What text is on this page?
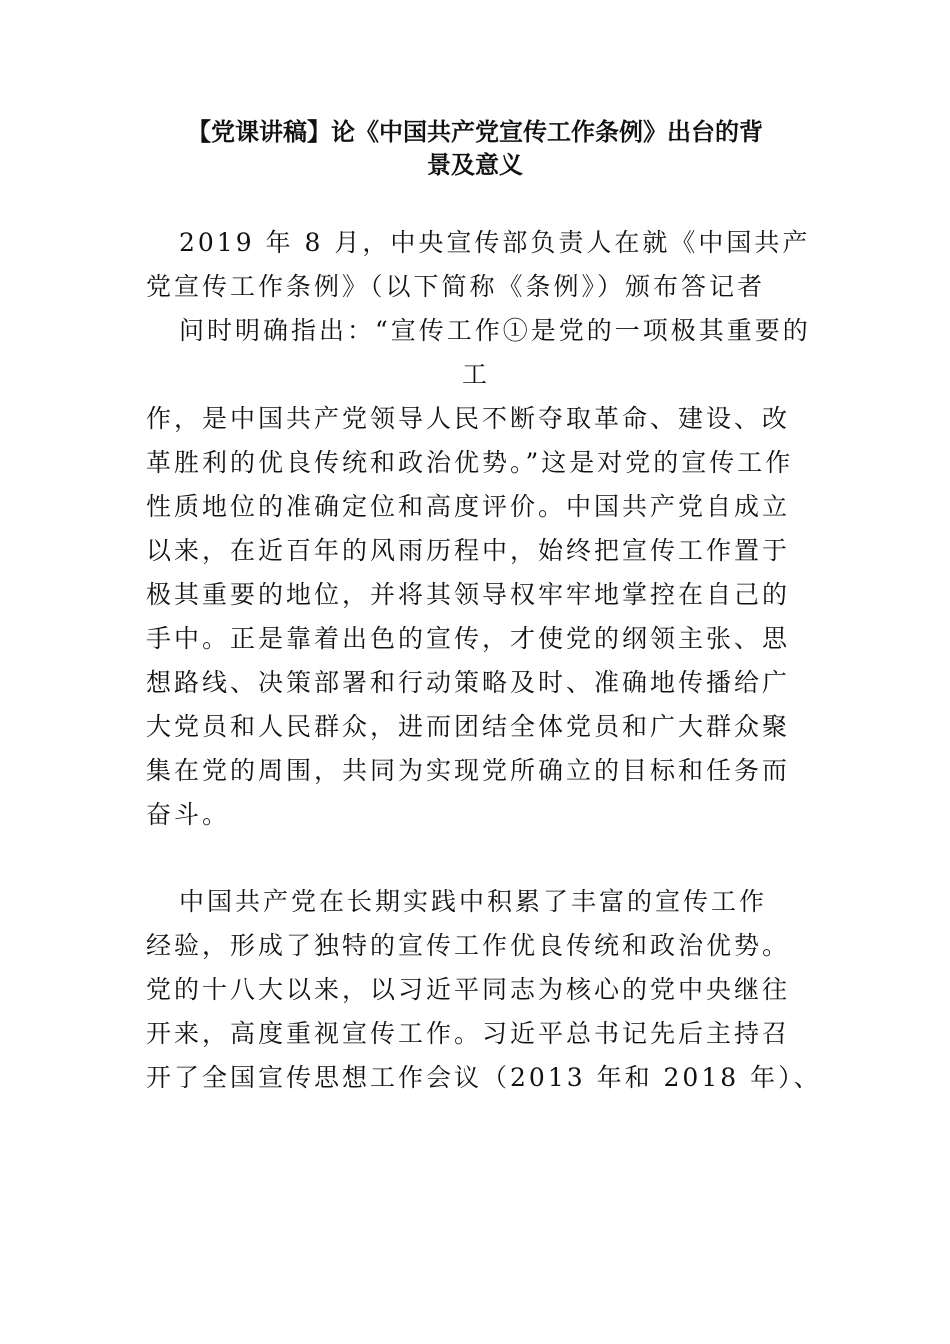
【党课讲稿】论《中国共产党宣传工作条例》出台的背
景及意义
2019 年 8 月，中央宣传部负责人在就《中国共产
党宣传工作条例》（以下简称《条例》）颁布答记者
问时明确指出：“宣传工作①是党的一项极其重要的
工
作，是中国共产党领导人民不断夺取革命、建设、改
革胜利的优良传统和政治优势。”这是对党的宣传工作
性质地位的准确定位和高度评价。中国共产党自成立
以来，在近百年的风雨历程中，始终把宣传工作置于
极其重要的地位，并将其领导权牢牢地掌控在自己的
手中。正是靠着出色的宣传，才使党的纲领主张、思
想路线、决策部署和行动策略及时、准确地传播给广
大党员和人民群众，进而团结全体党员和广大群众聚
集在党的周围，共同为实现党所确立的目标和任务而
奋斗。
中国共产党在长期实践中积累了丰富的宣传工作
经验，形成了独特的宣传工作优良传统和政治优势。
党的十八大以来，以习近平同志为核心的党中央继往
开来，高度重视宣传工作。习近平总书记先后主持召
开了全国宣传思想工作会议（2013 年和 2018 年）、
